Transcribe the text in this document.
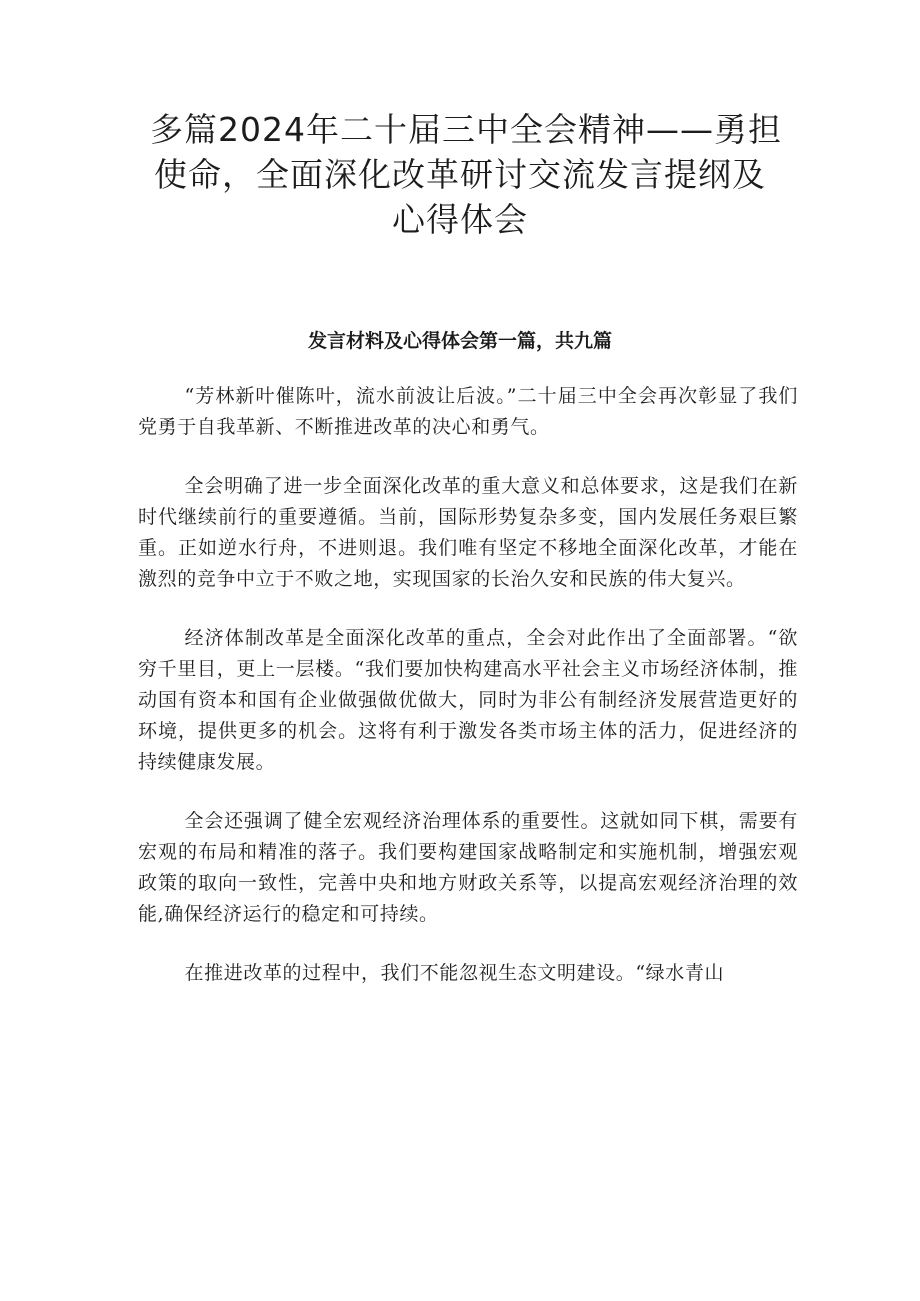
多篇2024年二十届三中全会精神——勇担
使命，全面深化改革研讨交流发言提纲及
心得体会

发言材料及心得体会第一篇，共九篇

“芳林新叶催陈叶，流水前波让后波。”二十届三中全会再次彰显了我们党勇于自我革新、不断推进改革的决心和勇气。

全会明确了进一步全面深化改革的重大意义和总体要求，这是我们在新时代继续前行的重要遵循。当前，国际形势复杂多变，国内发展任务艰巨繁重。正如逆水行舟，不进则退。我们唯有坚定不移地全面深化改革，才能在激烈的竞争中立于不败之地，实现国家的长治久安和民族的伟大复兴。

经济体制改革是全面深化改革的重点，全会对此作出了全面部署。“欲穷千里目，更上一层楼。“我们要加快构建高水平社会主义市场经济体制，推动国有资本和国有企业做强做优做大，同时为非公有制经济发展营造更好的环境，提供更多的机会。这将有利于激发各类市场主体的活力，促进经济的持续健康发展。

全会还强调了健全宏观经济治理体系的重要性。这就如同下棋，需要有宏观的布局和精准的落子。我们要构建国家战略制定和实施机制，增强宏观政策的取向一致性，完善中央和地方财政关系等，以提高宏观经济治理的效能,确保经济运行的稳定和可持续。

在推进改革的过程中，我们不能忽视生态文明建设。“绿水青山
